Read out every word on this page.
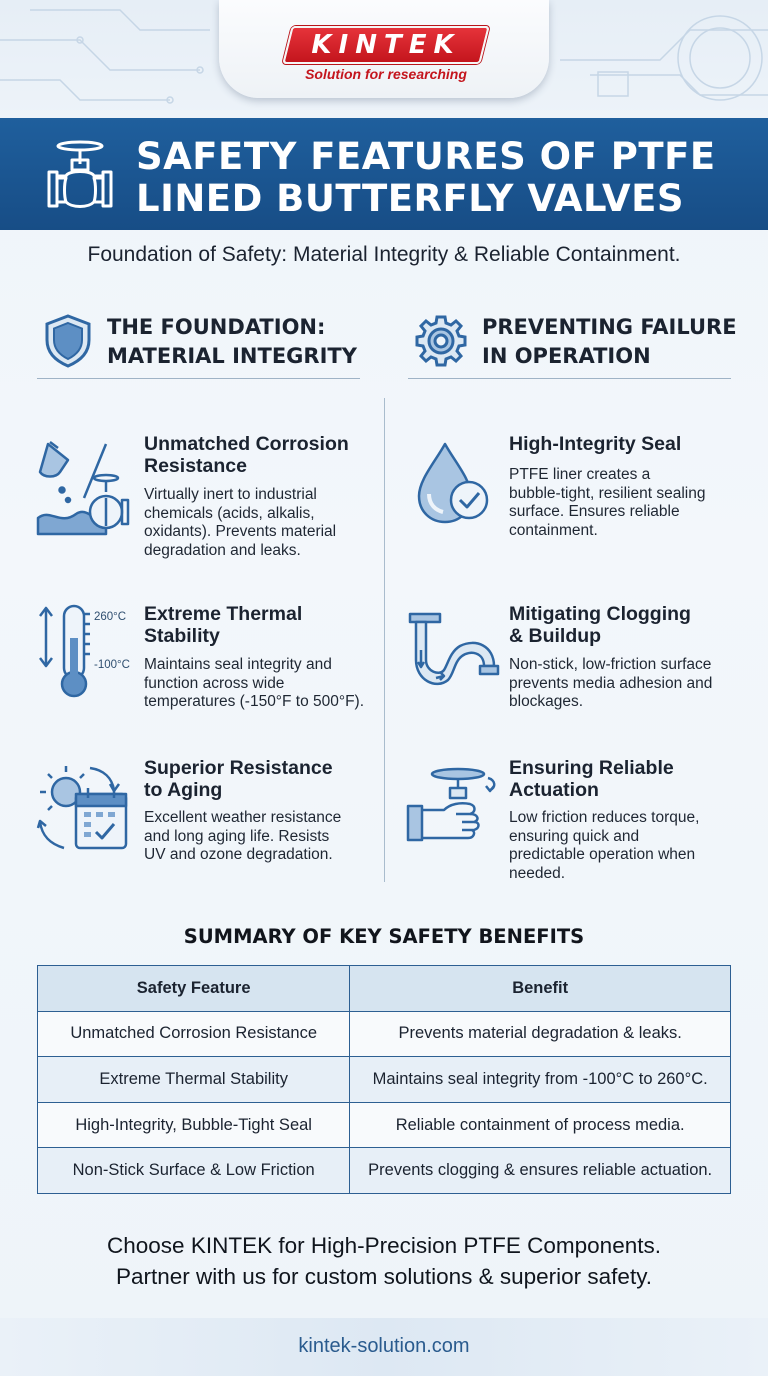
KINTEK
Solution for researching
SAFETY FEATURES OF PTFE
LINED BUTTERFLY VALVES
Foundation of Safety: Material Integrity & Reliable Containment.
THE FOUNDATION:
MATERIAL INTEGRITY
PREVENTING FAILURE
IN OPERATION
Unmatched Corrosion
Resistance
Virtually inert to industrial
chemicals (acids, alkalis,
oxidants). Prevents material
degradation and leaks.
260°C
-100°C
Extreme Thermal
Stability
Maintains seal integrity and
function across wide
temperatures (-150°F to 500°F).
Superior Resistance
to Aging
Excellent weather resistance
and long aging life. Resists
UV and ozone degradation.
High-Integrity Seal
PTFE liner creates a
bubble-tight, resilient sealing
surface. Ensures reliable
containment.
Mitigating Clogging
& Buildup
Non-stick, low-friction surface
prevents media adhesion and
blockages.
Ensuring Reliable
Actuation
Low friction reduces torque,
ensuring quick and
predictable operation when
needed.
SUMMARY OF KEY SAFETY BENEFITS
Safety Feature	Benefit
Unmatched Corrosion Resistance	Prevents material degradation & leaks.
Extreme Thermal Stability	Maintains seal integrity from -100°C to 260°C.
High-Integrity, Bubble-Tight Seal	Reliable containment of process media.
Non-Stick Surface & Low Friction	Prevents clogging & ensures reliable actuation.
Choose KINTEK for High-Precision PTFE Components.
Partner with us for custom solutions & superior safety.
kintek-solution.com
